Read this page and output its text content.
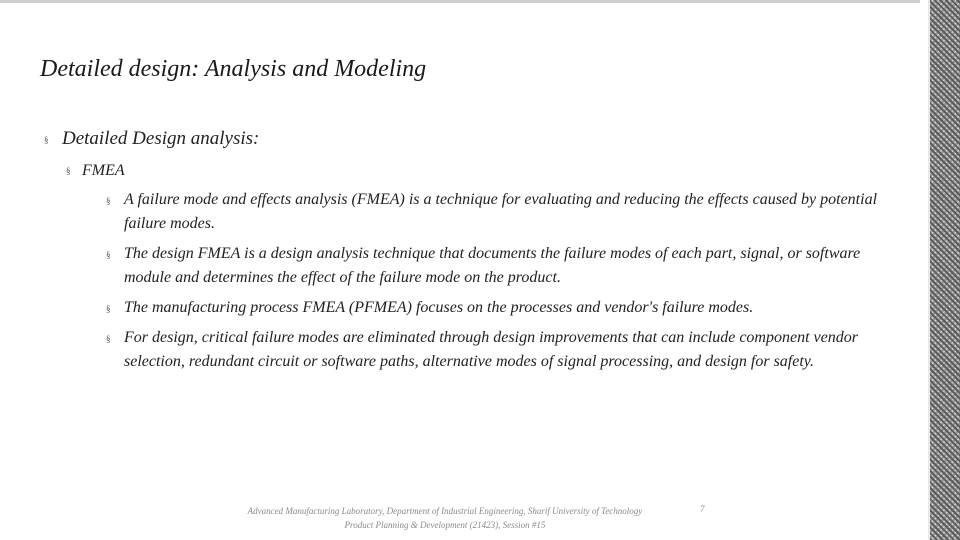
Detailed design: Analysis and Modeling

§ Detailed Design analysis:

§ FMEA

§ A failure mode and effects analysis (FMEA) is a technique for evaluating and reducing the effects caused by potential failure modes.

§ The design FMEA is a design analysis technique that documents the failure modes of each part, signal, or software module and determines the effect of the failure mode on the product.

§ The manufacturing process FMEA (PFMEA) focuses on the processes and vendor's failure modes.

§ For design, critical failure modes are eliminated through design improvements that can include component vendor selection, redundant circuit or software paths, alternative modes of signal processing, and design for safety.

Advanced Manufacturing Laboratory, Department of Industrial Engineering, Sharif University of Technology
Product Planning & Development (21423), Session #15
7
